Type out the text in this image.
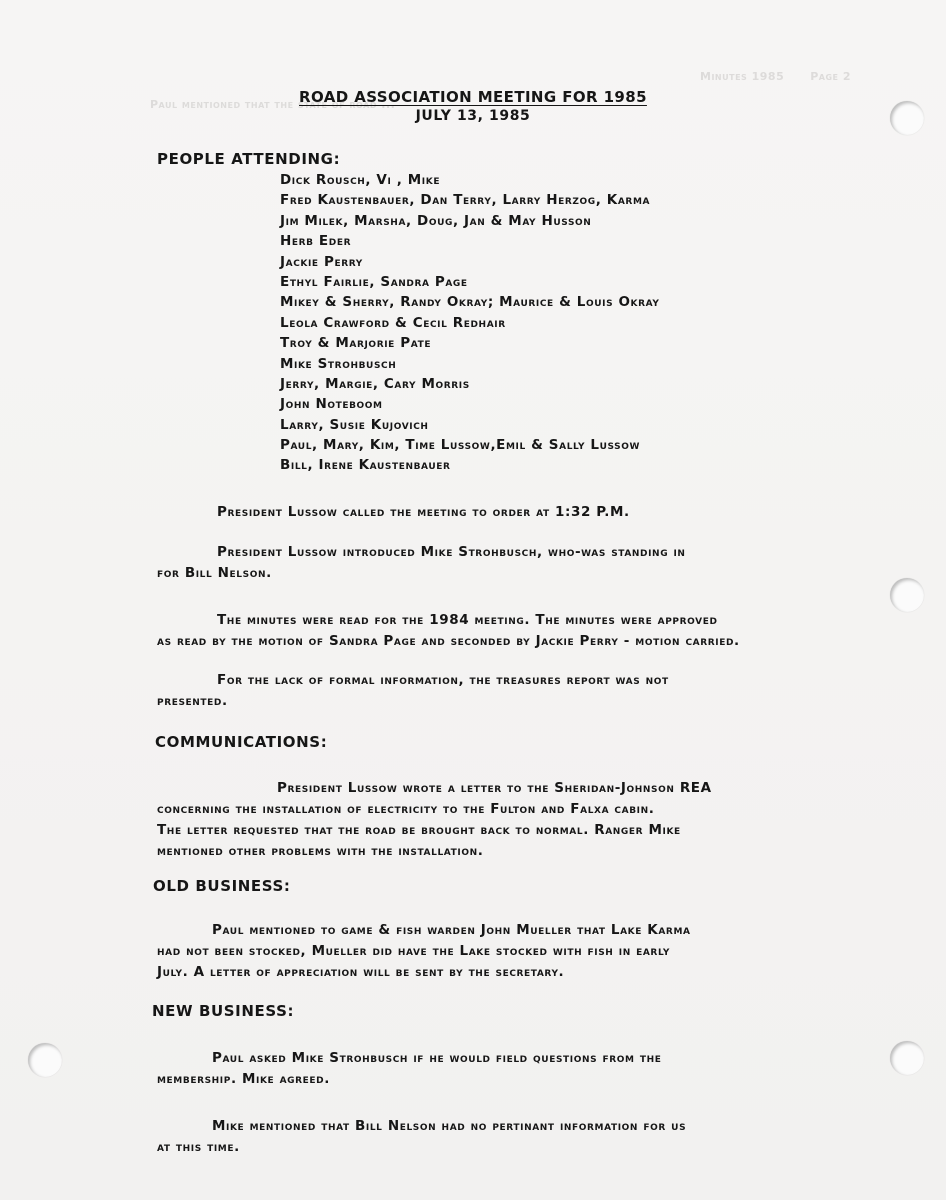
Paul mentioned that the state of road ...
Minutes 1985      Page 2
ROAD ASSOCIATION MEETING FOR 1985
JULY 13, 1985
PEOPLE ATTENDING:
Dick Rousch, Vi , Mike
Fred Kaustenbauer, Dan Terry, Larry Herzog, Karma
Jim Milek, Marsha, Doug, Jan & May Husson
Herb Eder
Jackie Perry
Ethyl Fairlie, Sandra Page
Mikey & Sherry, Randy Okray; Maurice & Louis Okray
Leola Crawford & Cecil Redhair
Troy & Marjorie Pate
Mike Strohbusch
Jerry, Margie, Cary Morris
John Noteboom
Larry, Susie Kujovich
Paul, Mary, Kim, Time Lussow,Emil & Sally Lussow
Bill, Irene Kaustenbauer
President Lussow called the meeting to order at 1:32 P.M.
President Lussow introduced Mike Strohbusch, who-was standing in
for Bill Nelson.
The minutes were read for the 1984 meeting. The minutes were approved
as read by the motion of Sandra Page and seconded by Jackie Perry - motion carried.
For the lack of formal information, the treasures report was not
presented.
COMMUNICATIONS:
President Lussow wrote a letter to the Sheridan-Johnson REA
concerning the installation of electricity to the Fulton and Falxa cabin.
The letter requested that the road be brought back to normal. Ranger Mike
mentioned other problems with the installation.
OLD BUSINESS:
Paul mentioned to game & fish warden John Mueller that Lake Karma
had not been stocked, Mueller did have the Lake stocked with fish in early
July. A letter of appreciation will be sent by the secretary.
NEW BUSINESS:
Paul asked Mike Strohbusch if he would field questions from the
membership. Mike agreed.
Mike mentioned that Bill Nelson had no pertinant information for us
at this time.
